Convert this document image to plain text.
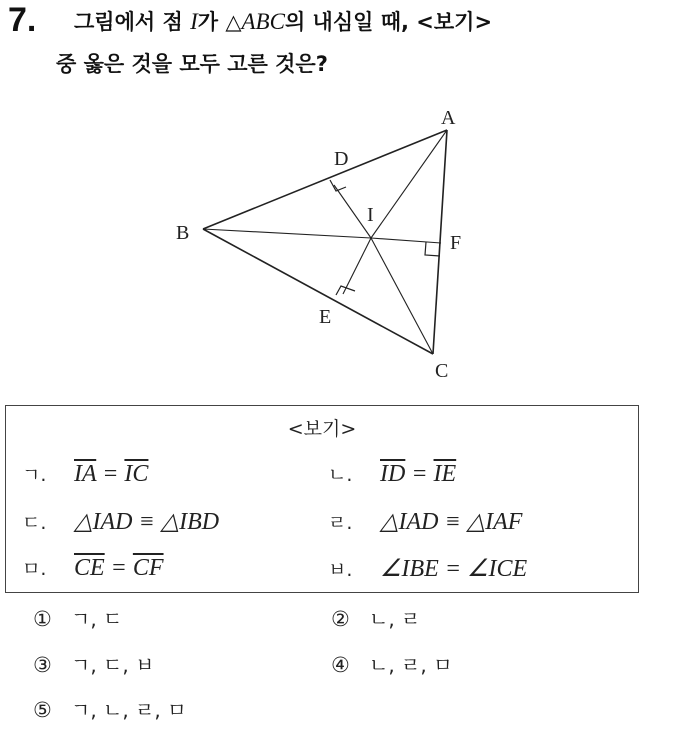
7. 그림에서 점 I가 △ABC의 내심일 때, <보기>
중 옳은 것을 모두 고른 것은?
A
B
C
D
E
F
I
<보기>
ㄱ. $\overline{IA} = \overline{IC}$	ㄴ. $\overline{ID} = \overline{IE}$
ㄷ. △IAD ≡ △IBD	ㄹ. △IAD ≡ △IAF
ㅁ. $\overline{CE} = \overline{CF}$	ㅂ. ∠IBE = ∠ICE
① ㄱ, ㄷ	② ㄴ, ㄹ
③ ㄱ, ㄷ, ㅂ	④ ㄴ, ㄹ, ㅁ
⑤ ㄱ, ㄴ, ㄹ, ㅁ
